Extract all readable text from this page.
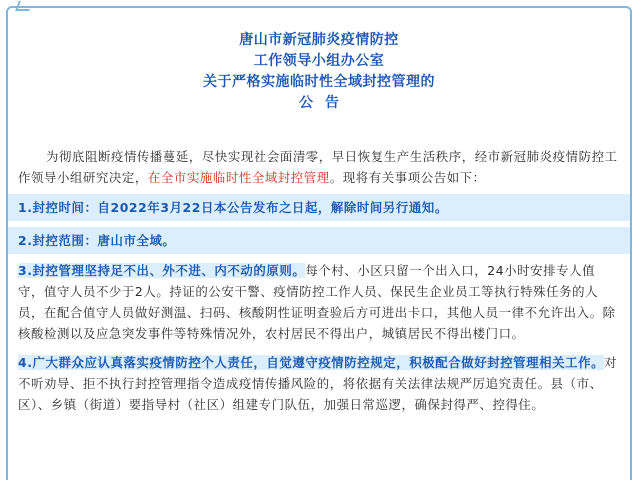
唐山市新冠肺炎疫情防控
工作领导小组办公室
关于严格实施临时性全域封控管理的
公告

为彻底阻断疫情传播蔓延，尽快实现社会面清零，早日恢复生产生活秩序，经市新冠肺炎疫情防控工作领导小组研究决定，在全市实施临时性全域封控管理。现将有关事项公告如下：

1.封控时间：自2022年3月22日本公告发布之日起，解除时间另行通知。
2.封控范围：唐山市全域。

3.封控管理坚持足不出、外不进、内不动的原则。每个村、小区只留一个出入口，24小时安排专人值守，值守人员不少于2人。持证的公安干警、疫情防控工作人员、保民生企业员工等执行特殊任务的人员，在配合值守人员做好测温、扫码、核酸阴性证明查验后方可进出卡口，其他人员一律不允许出入。除核酸检测以及应急突发事件等特殊情况外，农村居民不得出户，城镇居民不得出楼门口。

4.广大群众应认真落实疫情防控个人责任，自觉遵守疫情防控规定，积极配合做好封控管理相关工作。对不听劝导、拒不执行封控管理指令造成疫情传播风险的，将依据有关法律法规严厉追究责任。县（市、区）、乡镇（街道）要指导村（社区）组建专门队伍，加强日常巡逻，确保封得严、控得住。
